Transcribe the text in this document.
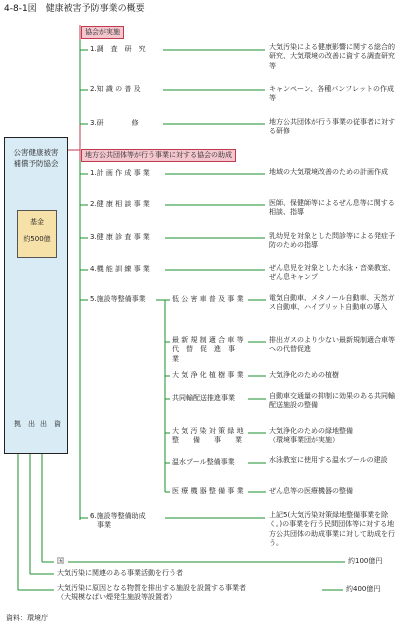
4-8-1図　健康被害予防事業の概要
公害健康被害
補償予防協会
基金
約500億
拠　出 出　資
協会が実施
地方公共団体等が行う事業に対する協会の助成
1.調　査　研　究	大気汚染による健康影響に関する総合的研究、大気環境の改善に資する調査研究等
2.知 識 の 普 及	キャンペーン、各種パンフレットの作成等
3.研　　　　修	地方公共団体が行う事業の従事者に対する研修
1.計 画 作 成 事 業	地域の大気環境改善のための計画作成
2.健 康 相 談 事 業	医師、保健師等によるぜん息等に関する相談、指導
3.健 康 診 査 事 業	乳幼児を対象とした問診等による発症予防のための指導
4.機 能 訓 練 事 業	ぜん息児を対象とした水泳・音楽教室、ぜん息キャンプ
5.施設等整備事業
6.施設等整備助成
　事業
上記5(大気汚染対策緑地整備事業を除く。)の事業を行う民間団体等に対する地方公共団体の助成事業に対して助成を行う。
低 公 害 車 普 及 事 業	電気自動車、メタノール自動車、天然ガス自動車、ハイブリット自動車の導入
最 新 規 制 適 合 車 等
代　替　促　進　事　業
排出ガスのより少ない最新規制適合車等への代替促進
大 気 浄 化 植 樹 事 業	大気浄化のための植樹
共同輸配送推進事業	自動車交通量の抑制に効果のある共同輸配送施設の整備
大 気 汚 染 対 策 緑 地
整　　備　　事　　業
大気浄化のための緑地整備
（環境事業団が実施）
温水プール整備事業	水泳教室に使用する温水プールの建設
医 療 機 器 整 備 事 業	ぜん息等の医療機器の整備
国	約100億円
大気汚染に関連のある事業活動を行う者
大気汚染に原因となる物質を排出する施設を設置する事業者
（大規模なばい煙発生施設等設置者）
約400億円
資料：環境庁
